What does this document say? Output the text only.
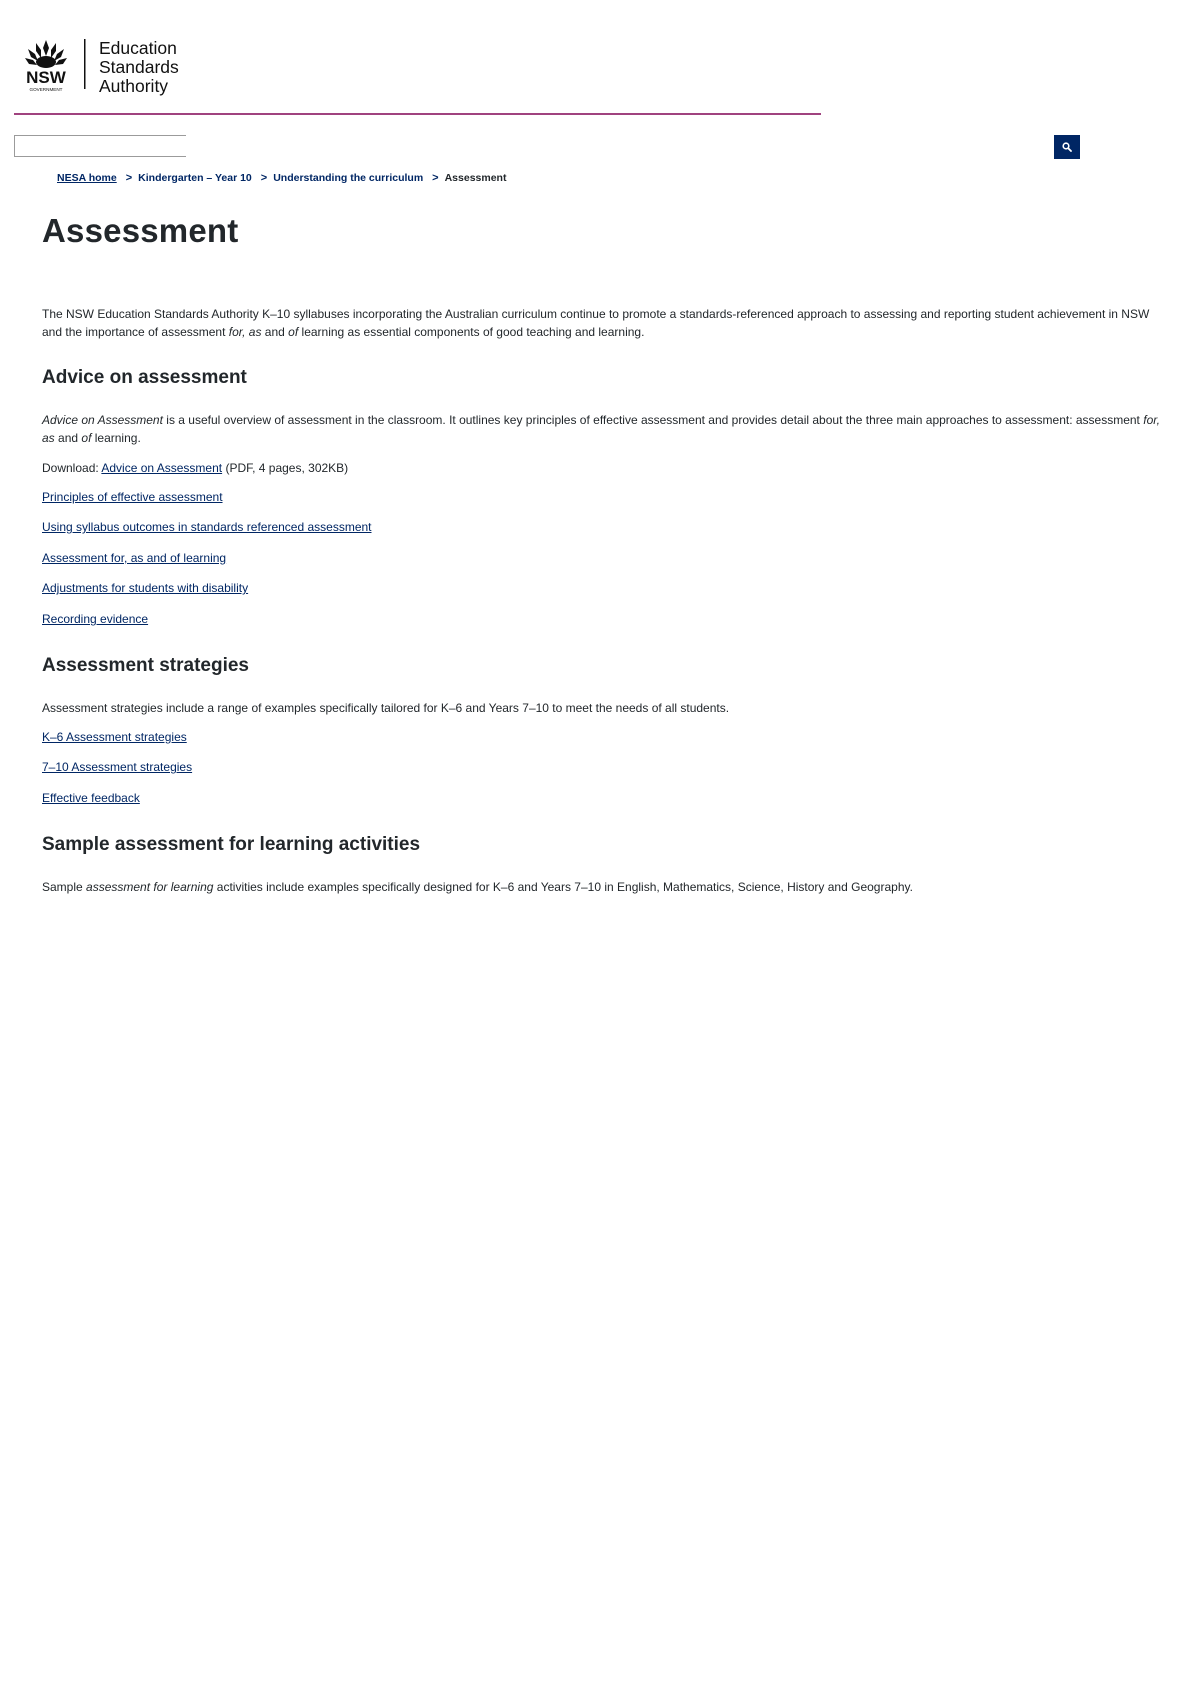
NSW
GOVERNMENT
Education
Standards
Authority
NESA home > Kindergarten – Year 10 > Understanding the curriculum > Assessment
Assessment

The NSW Education Standards Authority K–10 syllabuses incorporating the Australian curriculum continue to promote a standards-referenced approach to assessing and reporting student achievement in NSW and the importance of assessment for, as and of learning as essential components of good teaching and learning.

Advice on assessment

Advice on Assessment is a useful overview of assessment in the classroom. It outlines key principles of effective assessment and provides detail about the three main approaches to assessment: assessment for, as and of learning.

Download: Advice on Assessment (PDF, 4 pages, 302KB)

Principles of effective assessment
Using syllabus outcomes in standards referenced assessment
Assessment for, as and of learning
Adjustments for students with disability
Recording evidence
Assessment strategies

Assessment strategies include a range of examples specifically tailored for K–6 and Years 7–10 to meet the needs of all students.

K–6 Assessment strategies
7–10 Assessment strategies
Effective feedback
Sample assessment for learning activities

Sample assessment for learning activities include examples specifically designed for K–6 and Years 7–10 in English, Mathematics, Science, History and Geography.
